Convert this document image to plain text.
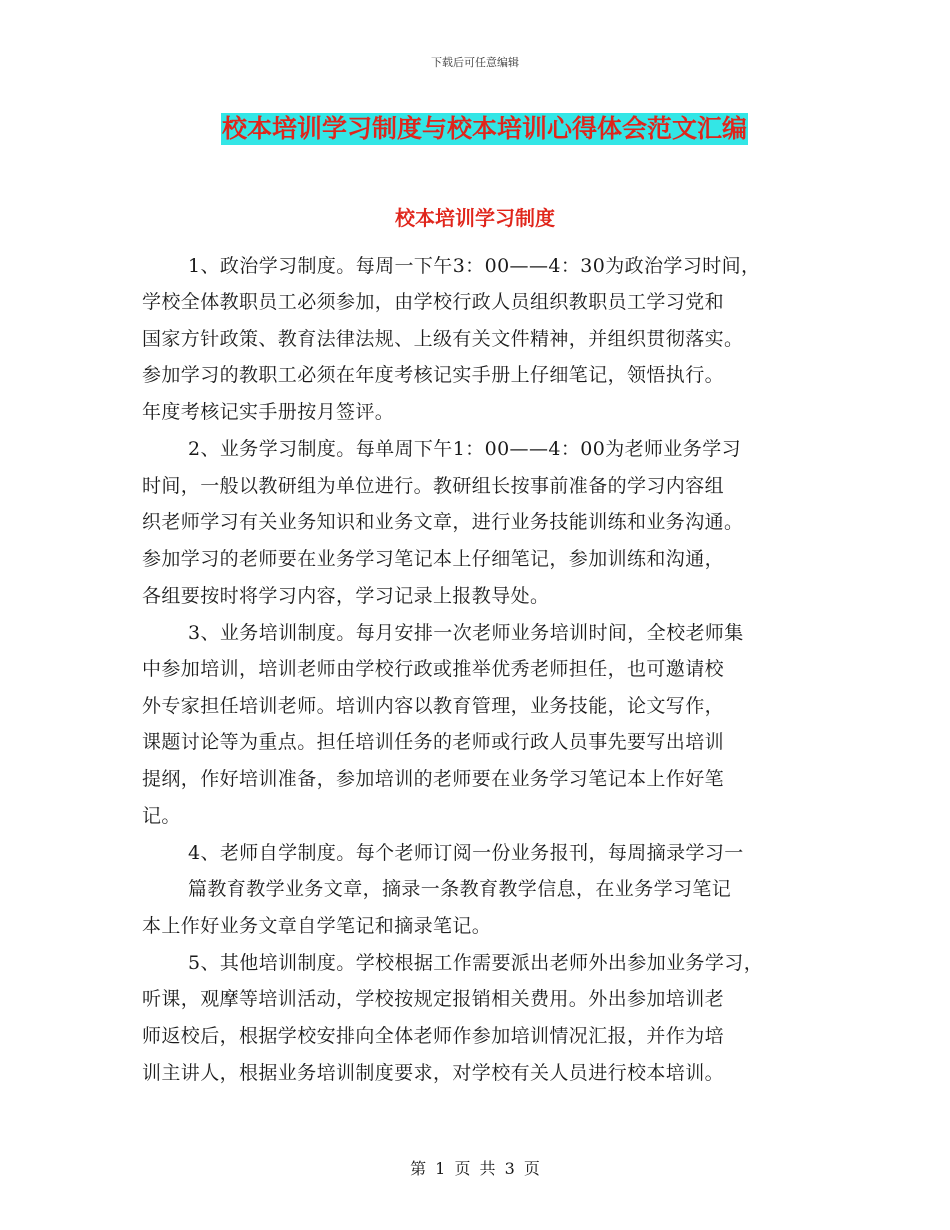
下载后可任意编辑
校本培训学习制度与校本培训心得体会范文汇编
校本培训学习制度
1、政治学习制度。每周一下午3：00——4：30为政治学习时间，
学校全体教职员工必须参加，由学校行政人员组织教职员工学习党和
国家方针政策、教育法律法规、上级有关文件精神，并组织贯彻落实。
参加学习的教职工必须在年度考核记实手册上仔细笔记，领悟执行。
年度考核记实手册按月签评。
2、业务学习制度。每单周下午1：00——4：00为老师业务学习
时间，一般以教研组为单位进行。教研组长按事前准备的学习内容组
织老师学习有关业务知识和业务文章，进行业务技能训练和业务沟通。
参加学习的老师要在业务学习笔记本上仔细笔记，参加训练和沟通，
各组要按时将学习内容，学习记录上报教导处。
3、业务培训制度。每月安排一次老师业务培训时间，全校老师集
中参加培训，培训老师由学校行政或推举优秀老师担任，也可邀请校
外专家担任培训老师。培训内容以教育管理，业务技能，论文写作，
课题讨论等为重点。担任培训任务的老师或行政人员事先要写出培训
提纲，作好培训准备，参加培训的老师要在业务学习笔记本上作好笔
记。
4、老师自学制度。每个老师订阅一份业务报刊，每周摘录学习一
篇教育教学业务文章，摘录一条教育教学信息，在业务学习笔记
本上作好业务文章自学笔记和摘录笔记。
5、其他培训制度。学校根据工作需要派出老师外出参加业务学习，
听课，观摩等培训活动，学校按规定报销相关费用。外出参加培训老
师返校后，根据学校安排向全体老师作参加培训情况汇报，并作为培
训主讲人，根据业务培训制度要求，对学校有关人员进行校本培训。
第 1 页 共 3 页
